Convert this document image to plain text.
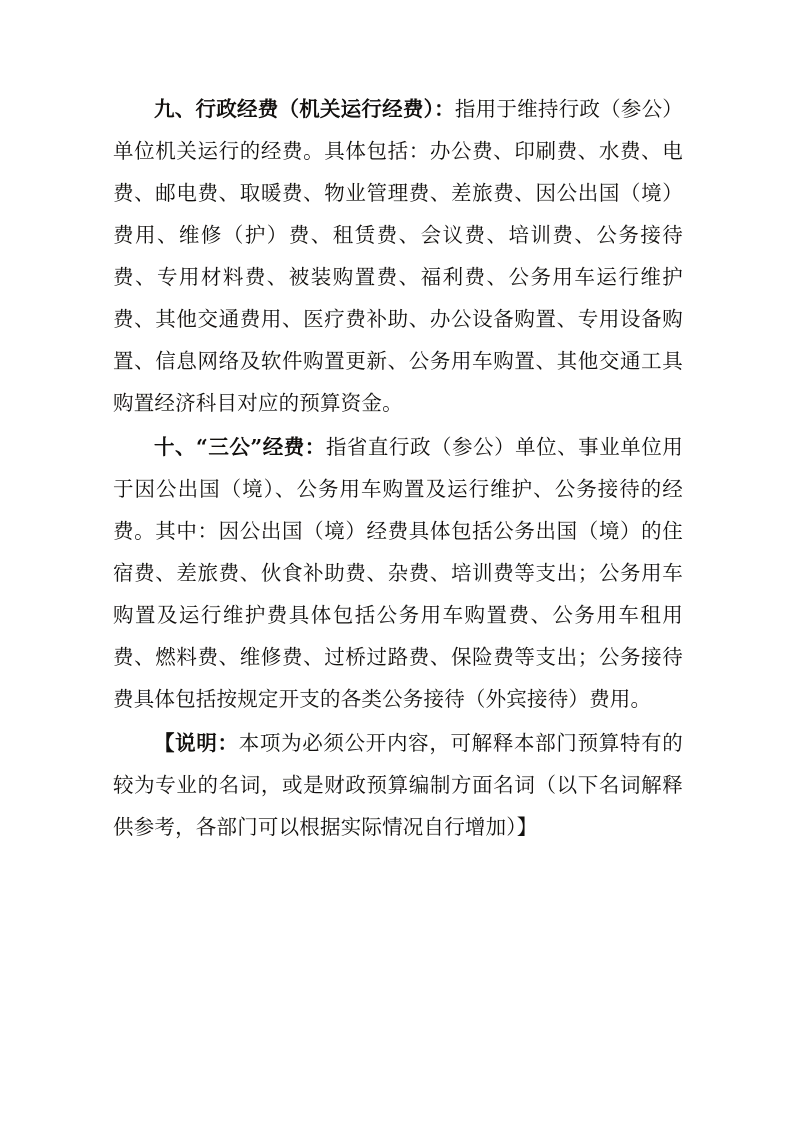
九、行政经费（机关运行经费）：指用于维持行政（参公）单位机关运行的经费。具体包括：办公费、印刷费、水费、电费、邮电费、取暖费、物业管理费、差旅费、因公出国（境）费用、维修（护）费、租赁费、会议费、培训费、公务接待费、专用材料费、被装购置费、福利费、公务用车运行维护费、其他交通费用、医疗费补助、办公设备购置、专用设备购置、信息网络及软件购置更新、公务用车购置、其他交通工具购置经济科目对应的预算资金。

十、“三公”经费：指省直行政（参公）单位、事业单位用于因公出国（境）、公务用车购置及运行维护、公务接待的经费。其中：因公出国（境）经费具体包括公务出国（境）的住宿费、差旅费、伙食补助费、杂费、培训费等支出；公务用车购置及运行维护费具体包括公务用车购置费、公务用车租用费、燃料费、维修费、过桥过路费、保险费等支出；公务接待费具体包括按规定开支的各类公务接待（外宾接待）费用。

【说明：本项为必须公开内容，可解释本部门预算特有的较为专业的名词，或是财政预算编制方面名词（以下名词解释供参考，各部门可以根据实际情况自行增加）】
